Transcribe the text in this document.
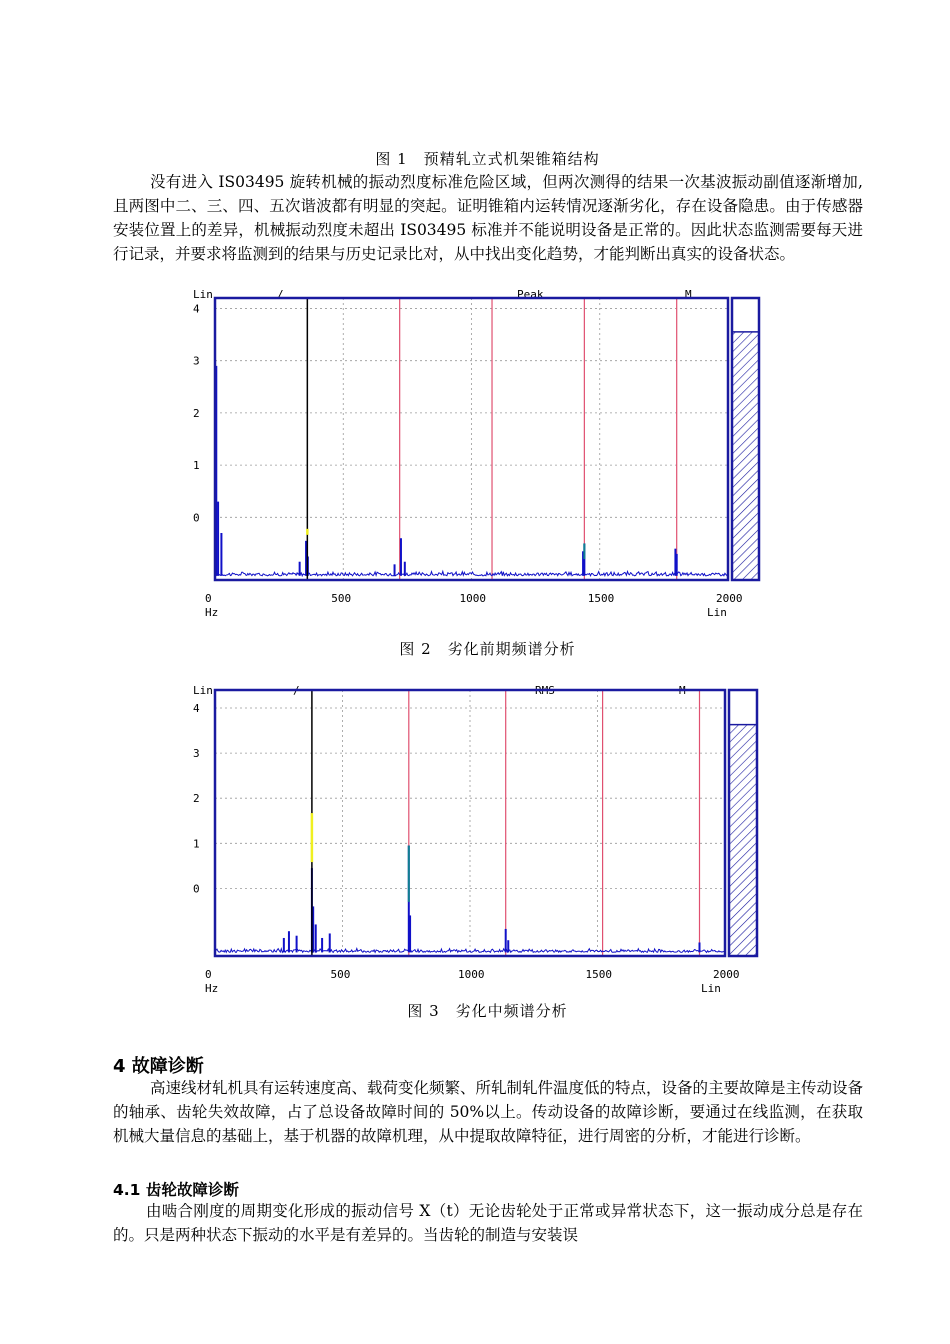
图 1　预精轧立式机架锥箱结构

没有进入 IS03495 旋转机械的振动烈度标准危险区域，但两次测得的结果一次基波振动副值逐渐增加,且两图中二、三、四、五次谐波都有明显的突起。证明锥箱内运转情况逐渐劣化，存在设备隐患。由于传感器安装位置上的差异，机械振动烈度未超出 IS03495 标准并不能说明设备是正常的。因此状态监测需要每天进行记录，并要求将监测到的结果与历史记录比对，从中找出变化趋势，才能判断出真实的设备状态。

Lin	/	Peak	M
0
1
2
3
4
0	500	1000	1500	2000
Hz	Lin
图 2　劣化前期频谱分析
Lin	/	RMS	M
0
1
2
3
4
0	500	1000	1500	2000
Hz	Lin
图 3　劣化中频谱分析
4 故障诊断

高速线材轧机具有运转速度高、载荷变化频繁、所轧制轧件温度低的特点，设备的主要故障是主传动设备的轴承、齿轮失效故障，占了总设备故障时间的 50%以上。传动设备的故障诊断，要通过在线监测，在获取机械大量信息的基础上，基于机器的故障机理，从中提取故障特征，进行周密的分析，才能进行诊断。

4.1 齿轮故障诊断

由啮合刚度的周期变化形成的振动信号 X（t）无论齿轮处于正常或异常状态下，这一振动成分总是存在的。只是两种状态下振动的水平是有差异的。当齿轮的制造与安装误
